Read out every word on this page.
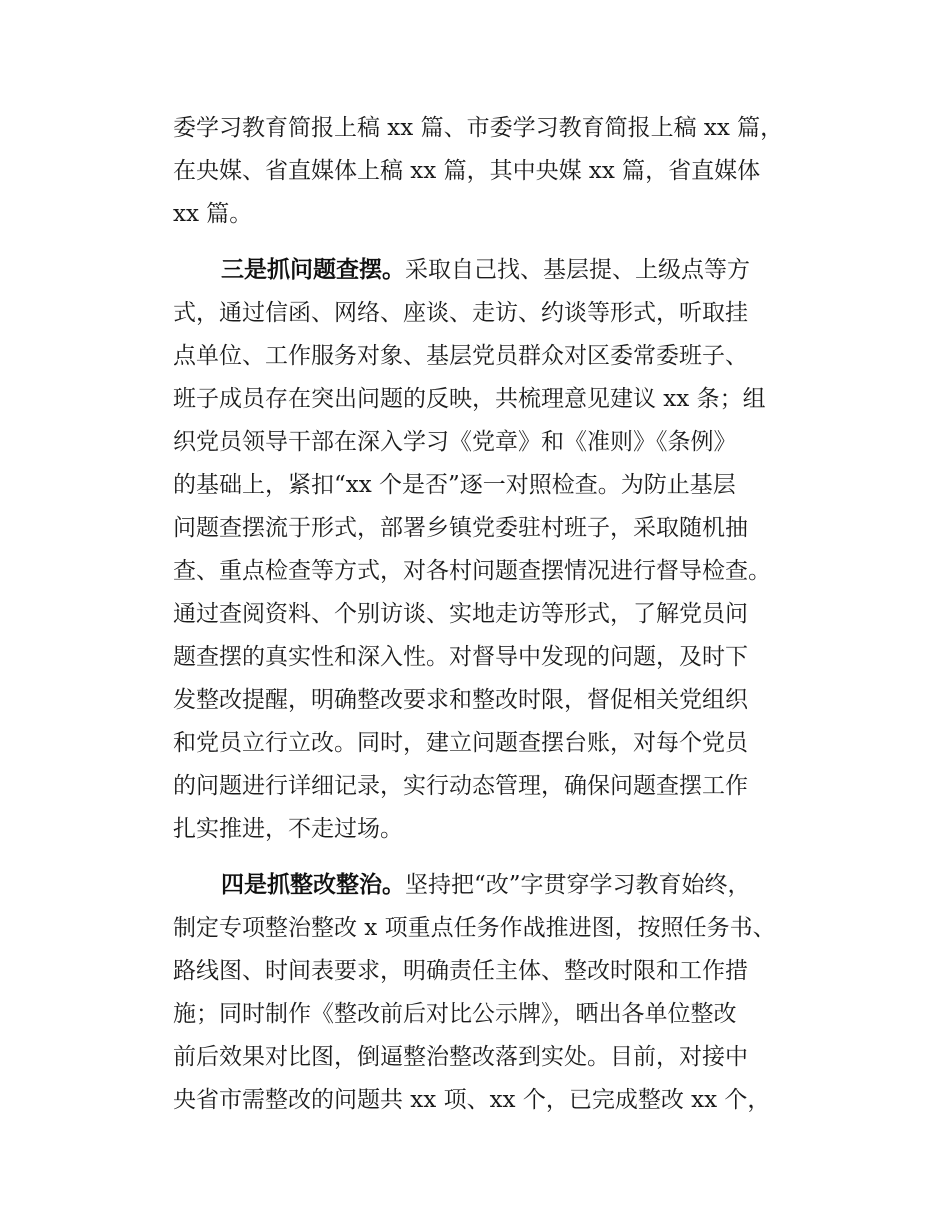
委学习教育简报上稿 xx 篇、市委学习教育简报上稿 xx 篇，
在央媒、省直媒体上稿 xx 篇，其中央媒 xx 篇，省直媒体
xx 篇。
三是抓问题查摆。采取自己找、基层提、上级点等方
式，通过信函、网络、座谈、走访、约谈等形式，听取挂
点单位、工作服务对象、基层党员群众对区委常委班子、
班子成员存在突出问题的反映，共梳理意见建议 xx 条；组
织党员领导干部在深入学习《党章》和《准则》《条例》
的基础上，紧扣“xx 个是否”逐一对照检查。为防止基层
问题查摆流于形式，部署乡镇党委驻村班子，采取随机抽
查、重点检查等方式，对各村问题查摆情况进行督导检查。
通过查阅资料、个别访谈、实地走访等形式，了解党员问
题查摆的真实性和深入性。对督导中发现的问题，及时下
发整改提醒，明确整改要求和整改时限，督促相关党组织
和党员立行立改。同时，建立问题查摆台账，对每个党员
的问题进行详细记录，实行动态管理，确保问题查摆工作
扎实推进，不走过场。
四是抓整改整治。坚持把“改”字贯穿学习教育始终，
制定专项整治整改 x 项重点任务作战推进图，按照任务书、
路线图、时间表要求，明确责任主体、整改时限和工作措
施；同时制作《整改前后对比公示牌》，晒出各单位整改
前后效果对比图，倒逼整治整改落到实处。目前，对接中
央省市需整改的问题共 xx 项、xx 个，已完成整改 xx 个，
